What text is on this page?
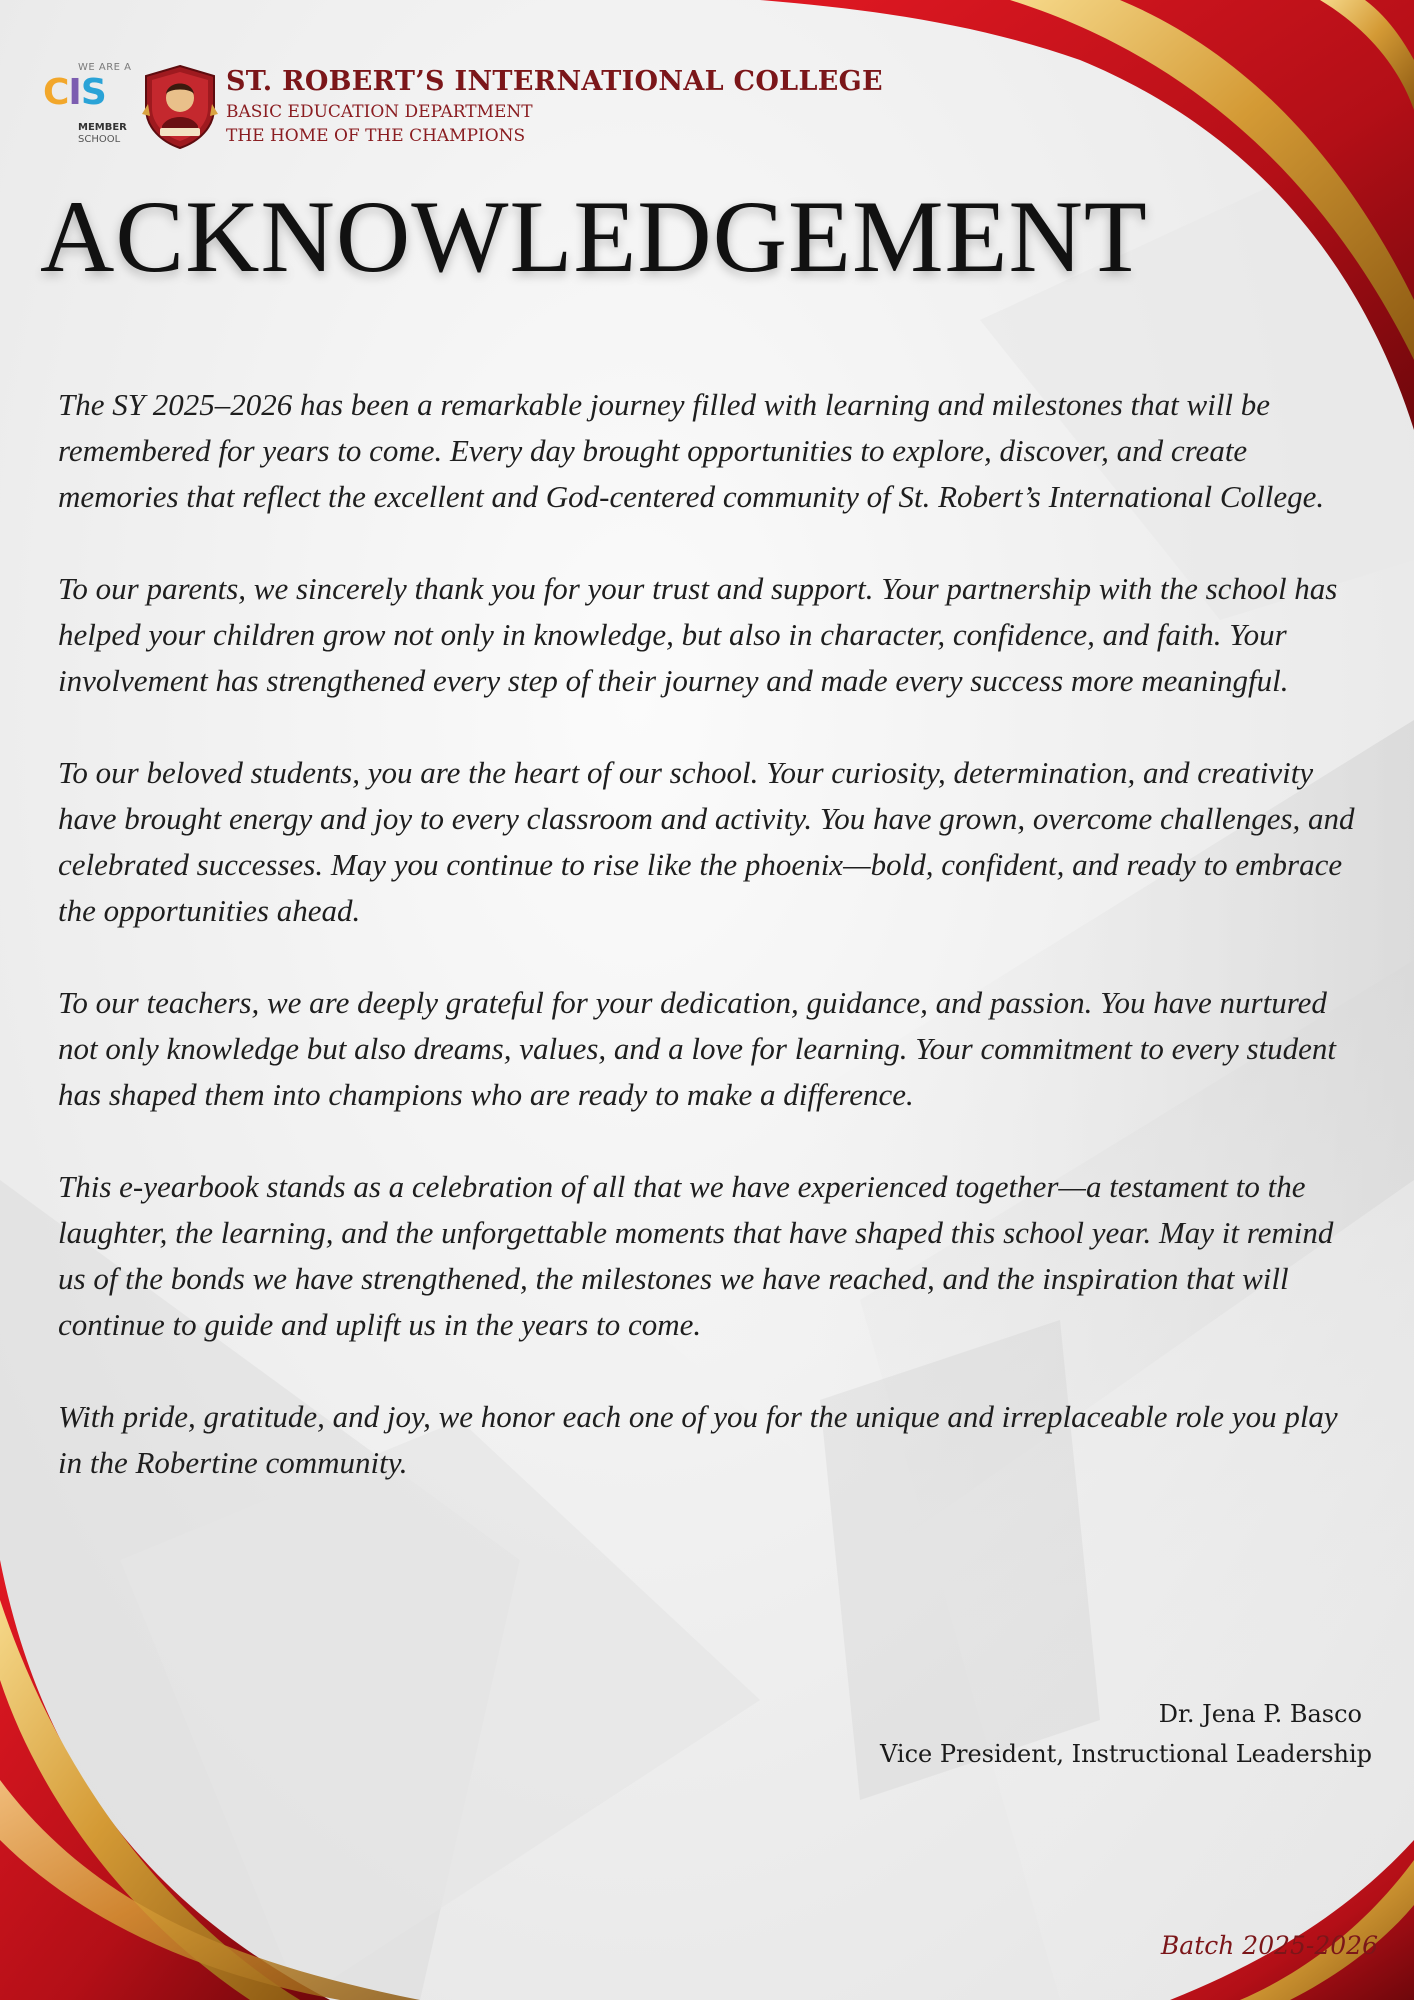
WE ARE A
CIS
MEMBER
SCHOOL
ST. ROBERT’S INTERNATIONAL COLLEGE
BASIC EDUCATION DEPARTMENT
THE HOME OF THE CHAMPIONS
ACKNOWLEDGEMENT

The SY 2025–2026 has been a remarkable journey filled with learning and milestones that will be remembered for years to come. Every day brought opportunities to explore, discover, and create memories that reflect the excellent and God-centered community of St. Robert’s International College.

To our parents, we sincerely thank you for your trust and support. Your partnership with the school has helped your children grow not only in knowledge, but also in character, confidence, and faith. Your involvement has strengthened every step of their journey and made every success more meaningful.

To our beloved students, you are the heart of our school. Your curiosity, determination, and creativity have brought energy and joy to every classroom and activity. You have grown, overcome challenges, and celebrated successes. May you continue to rise like the phoenix—bold, confident, and ready to embrace the opportunities ahead.

To our teachers, we are deeply grateful for your dedication, guidance, and passion. You have nurtured not only knowledge but also dreams, values, and a love for learning. Your commitment to every student has shaped them into champions who are ready to make a difference.

This e-yearbook stands as a celebration of all that we have experienced together—a testament to the laughter, the learning, and the unforgettable moments that have shaped this school year. May it remind us of the bonds we have strengthened, the milestones we have reached, and the inspiration that will continue to guide and uplift us in the years to come.

With pride, gratitude, and joy, we honor each one of you for the unique and irreplaceable role you play in the Robertine community.

Dr. Jena P. Basco
Vice President, Instructional Leadership
Batch 2025-2026
